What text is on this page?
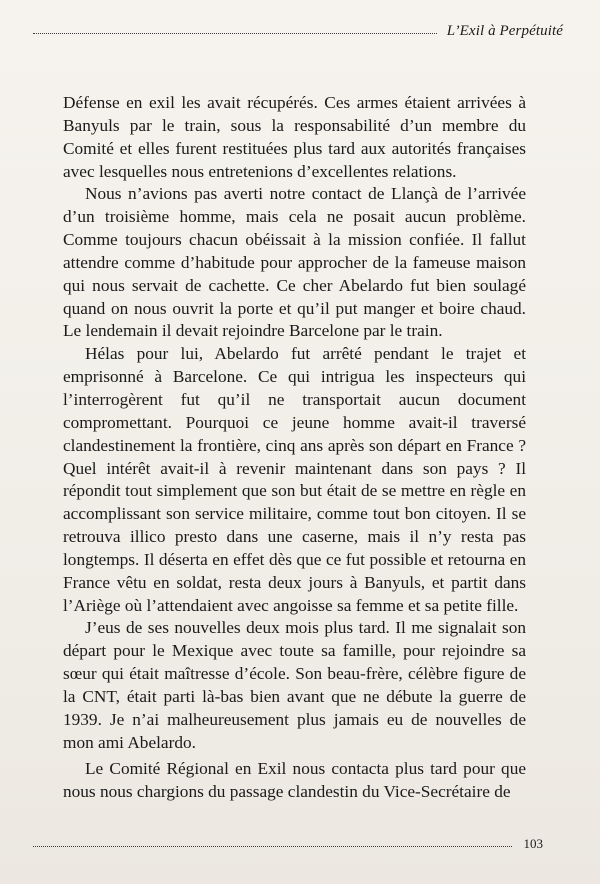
L’Exil à Perpétuité

Défense en exil les avait récupérés. Ces armes étaient arrivées à Banyuls par le train, sous la responsabilité d’un membre du Comité et elles furent restituées plus tard aux autorités françaises avec lesquelles nous entretenions d’excellentes relations.

Nous n’avions pas averti notre contact de Llançà de l’arrivée d’un troisième homme, mais cela ne posait aucun problème. Comme toujours chacun obéissait à la mission confiée. Il fallut attendre comme d’habitude pour approcher de la fameuse maison qui nous servait de cachette. Ce cher Abelardo fut bien soulagé quand on nous ouvrit la porte et qu’il put manger et boire chaud. Le lendemain il devait rejoindre Barcelone par le train.

Hélas pour lui, Abelardo fut arrêté pendant le trajet et emprisonné à Barcelone. Ce qui intrigua les inspecteurs qui l’interrogèrent fut qu’il ne transportait aucun document compromettant. Pourquoi ce jeune homme avait-il traversé clandestinement la frontière, cinq ans après son départ en France ? Quel intérêt avait-il à revenir maintenant dans son pays ? Il répondit tout simplement que son but était de se mettre en règle en accomplissant son service militaire, comme tout bon citoyen. Il se retrouva illico presto dans une caserne, mais il n’y resta pas longtemps. Il déserta en effet dès que ce fut possible et retourna en France vêtu en soldat, resta deux jours à Banyuls, et partit dans l’Ariège où l’attendaient avec angoisse sa femme et sa petite fille.

J’eus de ses nouvelles deux mois plus tard. Il me signalait son départ pour le Mexique avec toute sa famille, pour rejoindre sa sœur qui était maîtresse d’école. Son beau-frère, célèbre figure de la CNT, était parti là-bas bien avant que ne débute la guerre de 1939. Je n’ai malheureusement plus jamais eu de nouvelles de mon ami Abelardo.

Le Comité Régional en Exil nous contacta plus tard pour que nous nous chargions du passage clandestin du Vice-Secrétaire de

103
